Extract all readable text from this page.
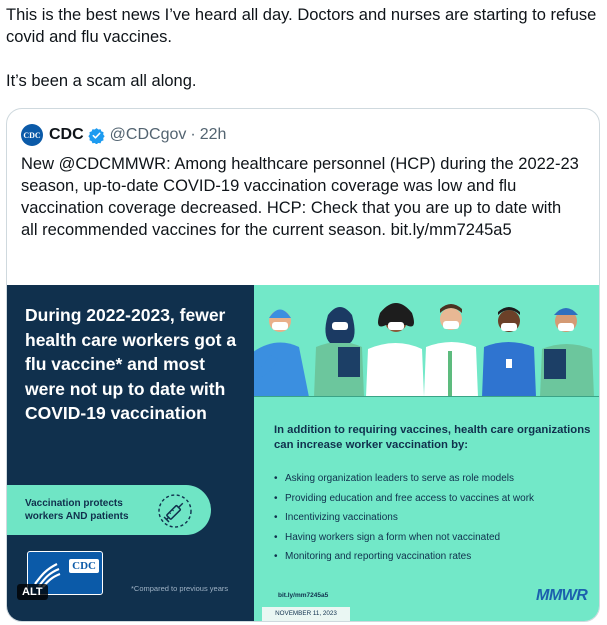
This is the best news I’ve heard all day. Doctors and nurses are starting to refuse covid and flu vaccines.

It’s been a scam all along.

CDC CDC @CDCgov · 22h
New @CDCMMWR: Among healthcare personnel (HCP) during the 2022-23 season, up-to-date COVID-19 vaccination coverage was low and flu vaccination coverage decreased. HCP: Check that you are up to date with all recommended vaccines for the current season. bit.ly/mm7245a5
During 2022-2023, fewer health care workers got a flu vaccine* and most were not up to date with COVID-19 vaccination
Vaccination protects workers AND patients
CDC
ALT	*Compared to previous years
In addition to requiring vaccines, health care organizations can increase worker vaccination by:
• Asking organization leaders to serve as role models
• Providing education and free access to vaccines at work
• Incentivizing vaccinations
• Having workers sign a form when not vaccinated
• Monitoring and reporting vaccination rates
bit.ly/mm7245a5
NOVEMBER 11, 2023
MMWR
